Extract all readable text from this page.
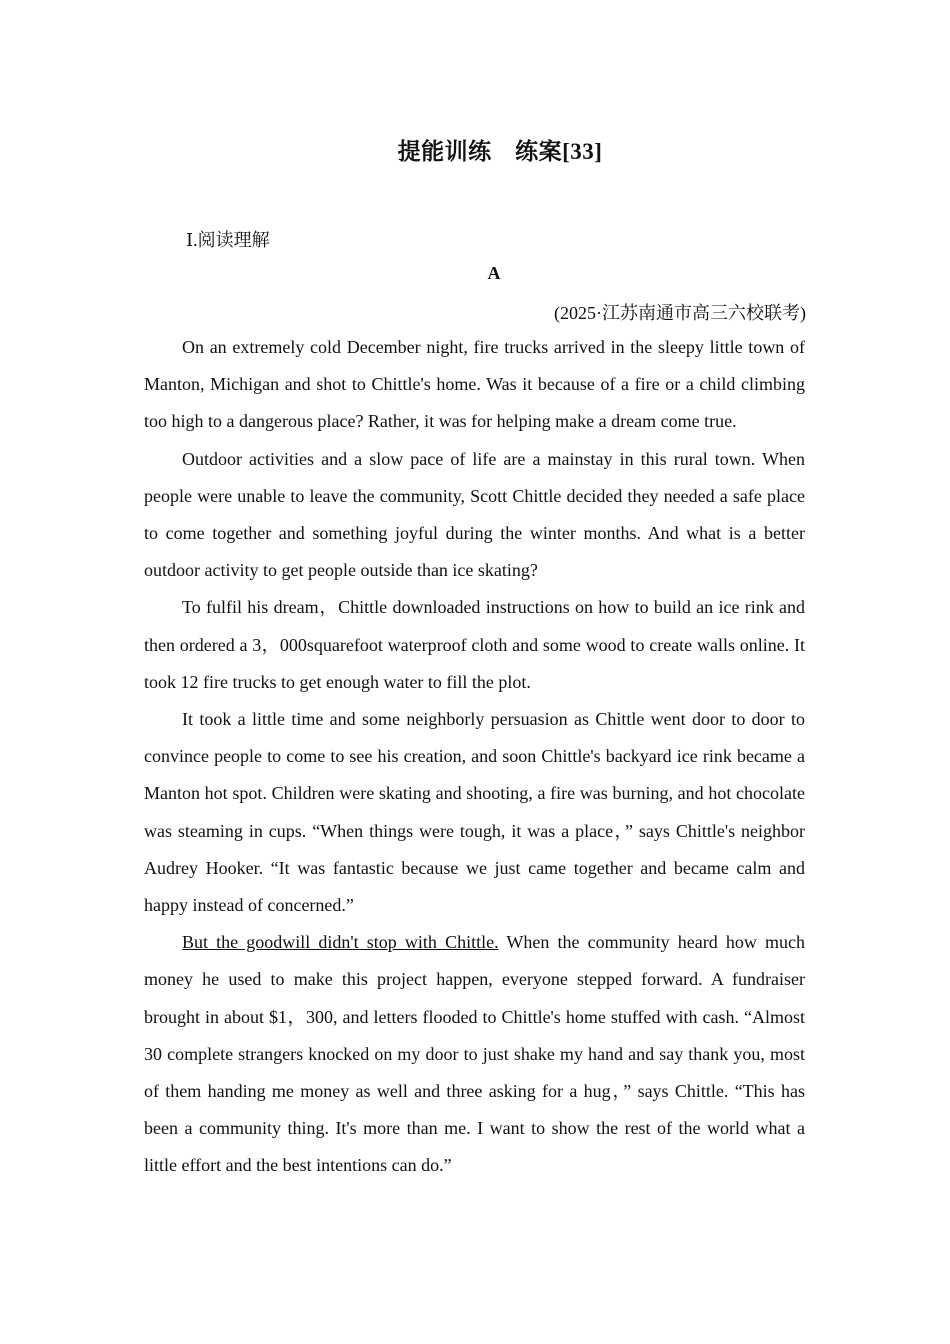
提能训练　练案[33]
Ⅰ.阅读理解
A
(2025·江苏南通市高三六校联考)

On an extremely cold December night, fire trucks arrived in the sleepy little town of Manton, Michigan and shot to Chittle's home. Was it because of a fire or a child climbing too high to a dangerous place? Rather, it was for helping make a dream come true.

Outdoor activities and a slow pace of life are a mainstay in this rural town. When people were unable to leave the community, Scott Chittle decided they needed a safe place to come together and something joyful during the winter months. And what is a better outdoor activity to get people outside than ice skating?

To fulfil his dream，Chittle downloaded instructions on how to build an ice rink and then ordered a 3，000squarefoot waterproof cloth and some wood to create walls online. It took 12 fire trucks to get enough water to fill the plot.

It took a little time and some neighborly persuasion as Chittle went door to door to convince people to come to see his creation, and soon Chittle's backyard ice rink became a Manton hot spot. Children were skating and shooting, a fire was burning, and hot chocolate was steaming in cups. “When things were tough, it was a place，” says Chittle's neighbor Audrey Hooker. “It was fantastic because we just came together and became calm and happy instead of concerned.”

But the goodwill didn't stop with Chittle. When the community heard how much money he used to make this project happen, everyone stepped forward. A fundraiser brought in about $1，300, and letters flooded to Chittle's home stuffed with cash. “Almost 30 complete strangers knocked on my door to just shake my hand and say thank you, most of them handing me money as well and three asking for a hug，” says Chittle. “This has been a community thing. It's more than me. I want to show the rest of the world what a little effort and the best intentions can do.”
